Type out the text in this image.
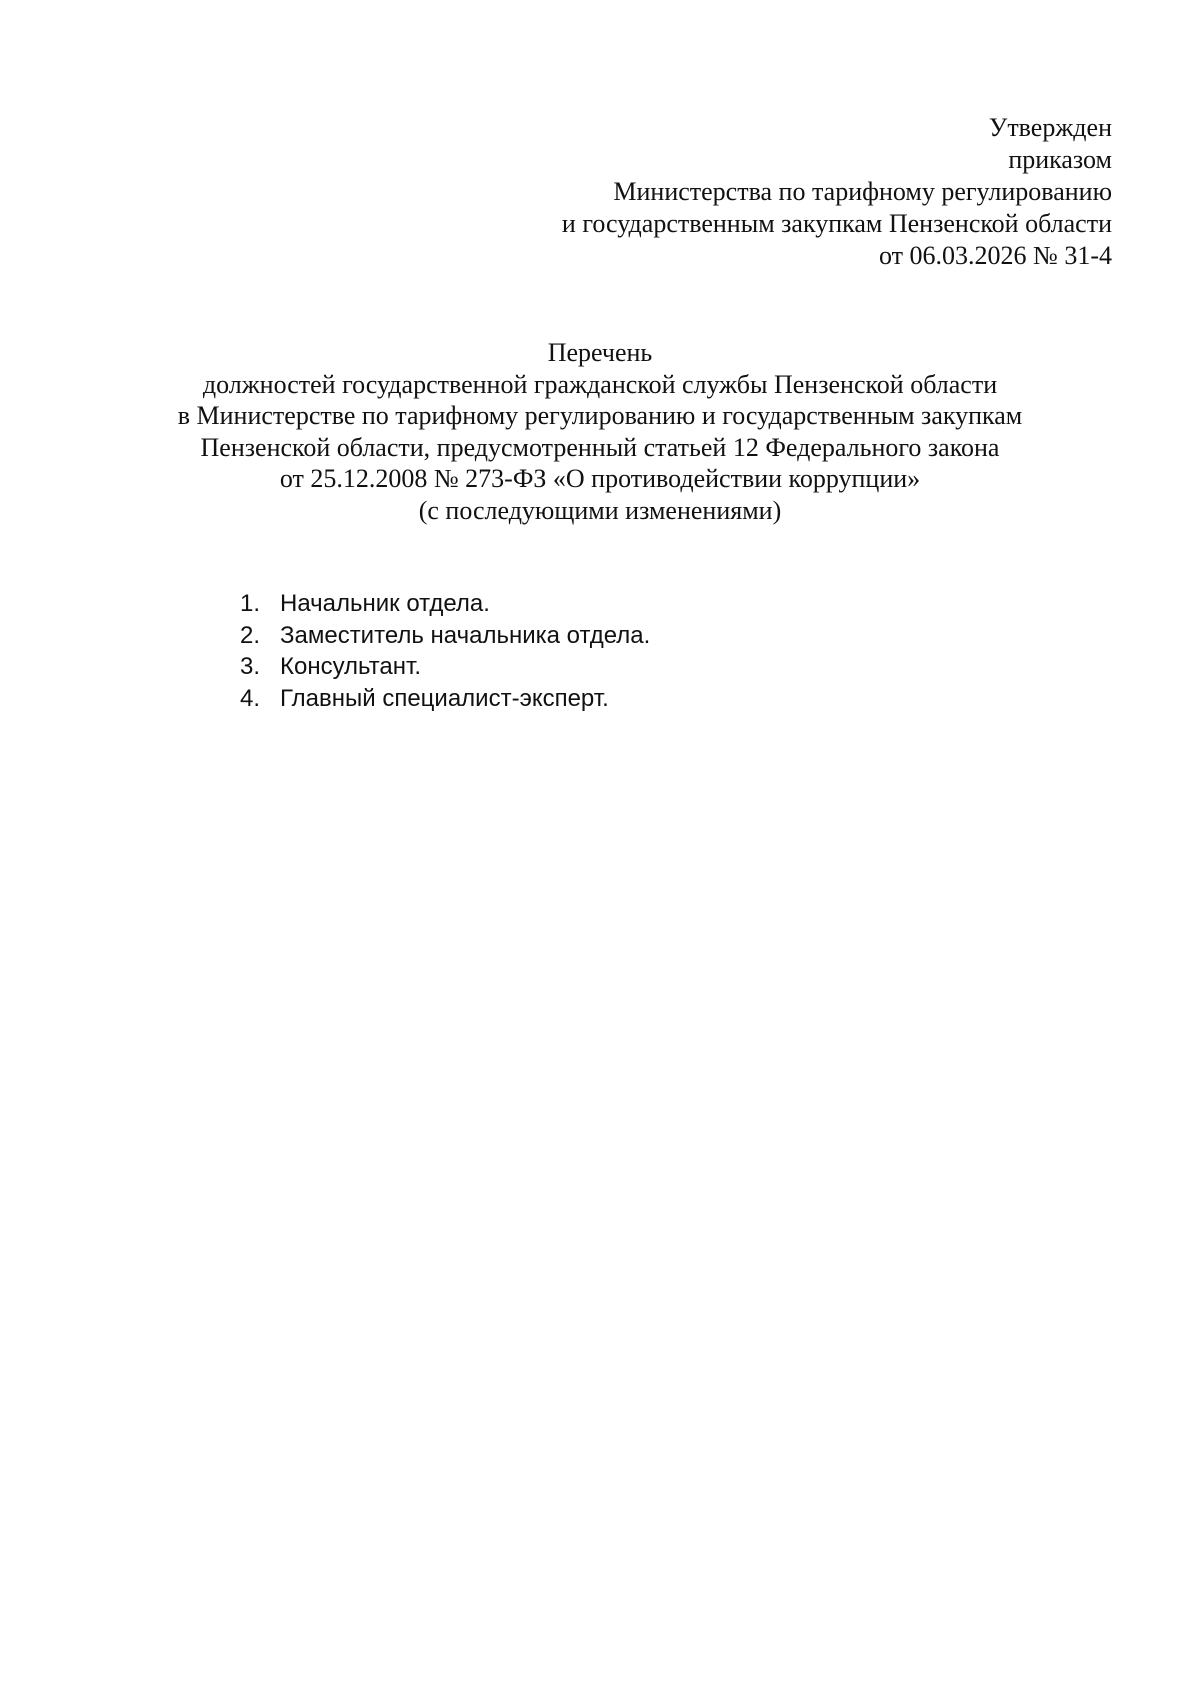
Утвержден
приказом
Министерства по тарифному регулированию
и государственным закупкам Пензенской области
от 06.03.2026 № 31-4
Перечень
должностей государственной гражданской службы Пензенской области
в Министерстве по тарифному регулированию и государственным закупкам
Пензенской области, предусмотренный статьей 12 Федерального закона
от 25.12.2008 № 273-ФЗ «О противодействии коррупции»
(с последующими изменениями)
1. Начальник отдела.
2. Заместитель начальника отдела.
3. Консультант.
4. Главный специалист-эксперт.
